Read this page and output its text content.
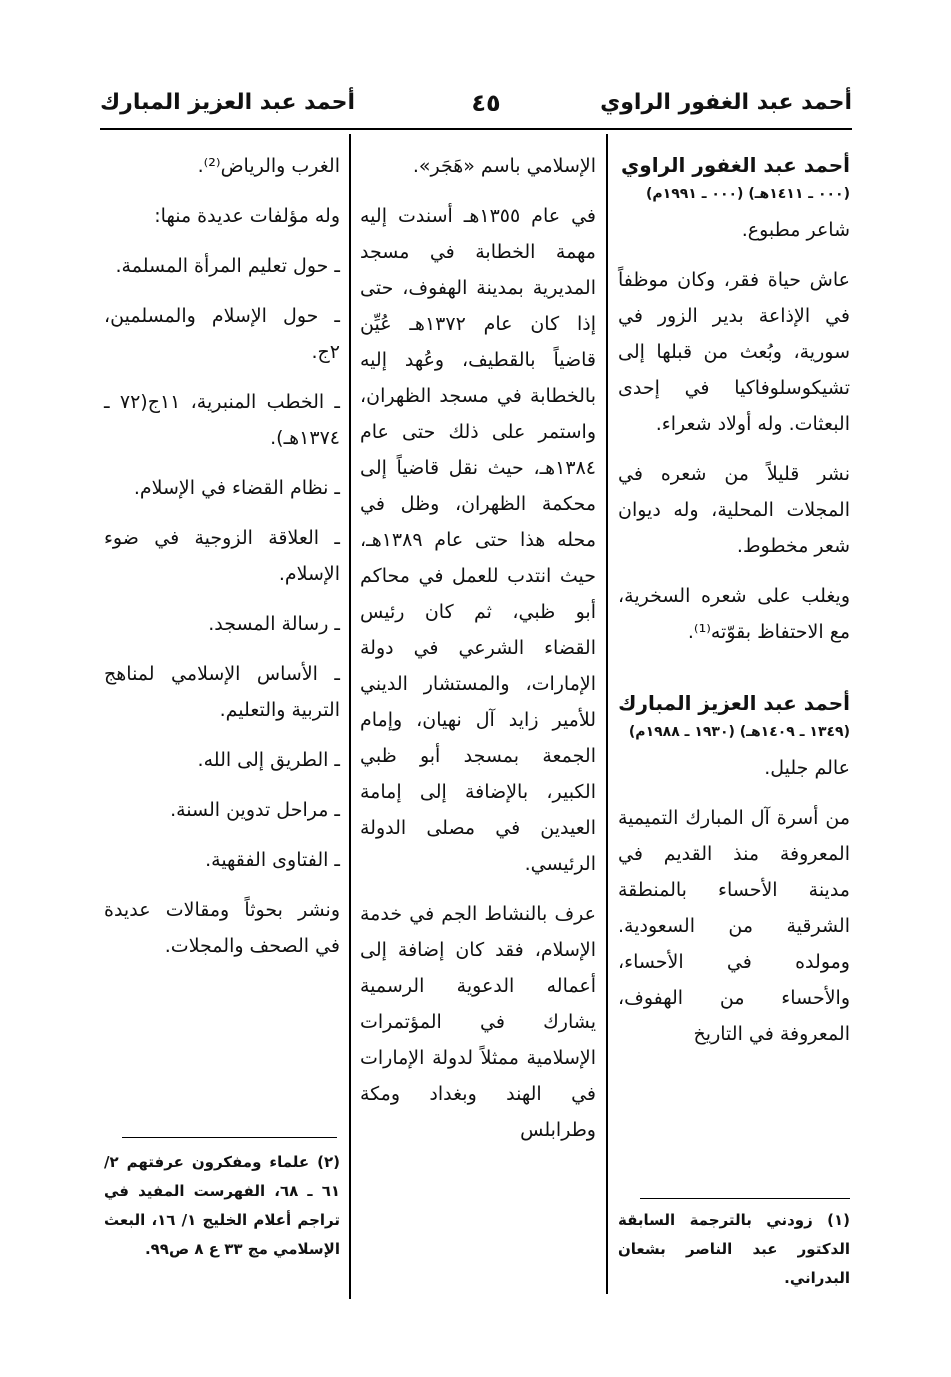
أحمد عبد الغفور الراوي
٤٥
أحمد عبد العزيز المبارك
أحمد عبد الغفور الراوي
(٠٠٠ ـ ١٤١١هـ) (٠٠٠ ـ ١٩٩١م)

شاعر مطبوع.

عاش حياة فقر، وكان موظفاً في الإذاعة بدير الزور في سورية، وبُعث من قبلها إلى تشيكوسلوفاكيا في إحدى البعثات. وله أولاد شعراء.

نشر قليلاً من شعره في المجلات المحلية، وله ديوان شعر مخطوط.

ويغلب على شعره السخرية، مع الاحتفاظ بقوّته⁽¹⁾.

أحمد عبد العزيز المبارك
(١٣٤٩ ـ ١٤٠٩هـ) (١٩٣٠ ـ ١٩٨٨م)

عالم جليل.

من أسرة آل المبارك التميمية المعروفة منذ القديم في مدينة الأحساء بالمنطقة الشرقية من السعودية. ومولده في الأحساء، والأحساء من الهفوف، المعروفة في التاريخ

الإسلامي باسم «هَجَر».

في عام ١٣٥٥هـ أسندت إليه مهمة الخطابة في مسجد المديرية بمدينة الهفوف، حتى إذا كان عام ١٣٧٢هـ عُيِّن قاضياً بالقطيف، وعُهد إليه بالخطابة في مسجد الظهران، واستمر على ذلك حتى عام ١٣٨٤هـ، حيث نقل قاضياً إلى محكمة الظهران، وظل في محله هذا حتى عام ١٣٨٩هـ، حيث انتدب للعمل في محاكم أبو ظبي، ثم كان رئيس القضاء الشرعي في دولة الإمارات، والمستشار الديني للأمير زايد آل نهيان، وإمام الجمعة بمسجد أبو ظبي الكبير، بالإضافة إلى إمامة العيدين في مصلى الدولة الرئيسي.

عرف بالنشاط الجم في خدمة الإسلام، فقد كان إضافة إلى أعماله الدعوية الرسمية يشارك في المؤتمرات الإسلامية ممثلاً لدولة الإمارات في الهند وبغداد ومكة وطرابلس

الغرب والرياض⁽²⁾.

وله مؤلفات عديدة منها:

ـ حول تعليم المرأة المسلمة.
ـ حول الإسلام والمسلمين، ٢ج.
ـ الخطب المنبرية، ١١ج(٧٢ ـ ١٣٧٤هـ).
ـ نظام القضاء في الإسلام.
ـ العلاقة الزوجية في ضوء الإسلام.
ـ رسالة المسجد.
ـ الأساس الإسلامي لمناهج التربية والتعليم.
ـ الطريق إلى الله.
ـ مراحل تدوين السنة.
ـ الفتاوى الفقهية.

ونشر بحوثاً ومقالات عديدة في الصحف والمجلات.

(١) زودني بالترجمة السابقة الدكتور عبد الناصر بشعان البدراني.
(٢) علماء ومفكرون عرفتهم ٢/ ٦١ ـ ٦٨، الفهرست المفيد في تراجم أعلام الخليج ١/ ١٦، البعث الإسلامي مج ٣٣ ع ٨ ص٩٩.
